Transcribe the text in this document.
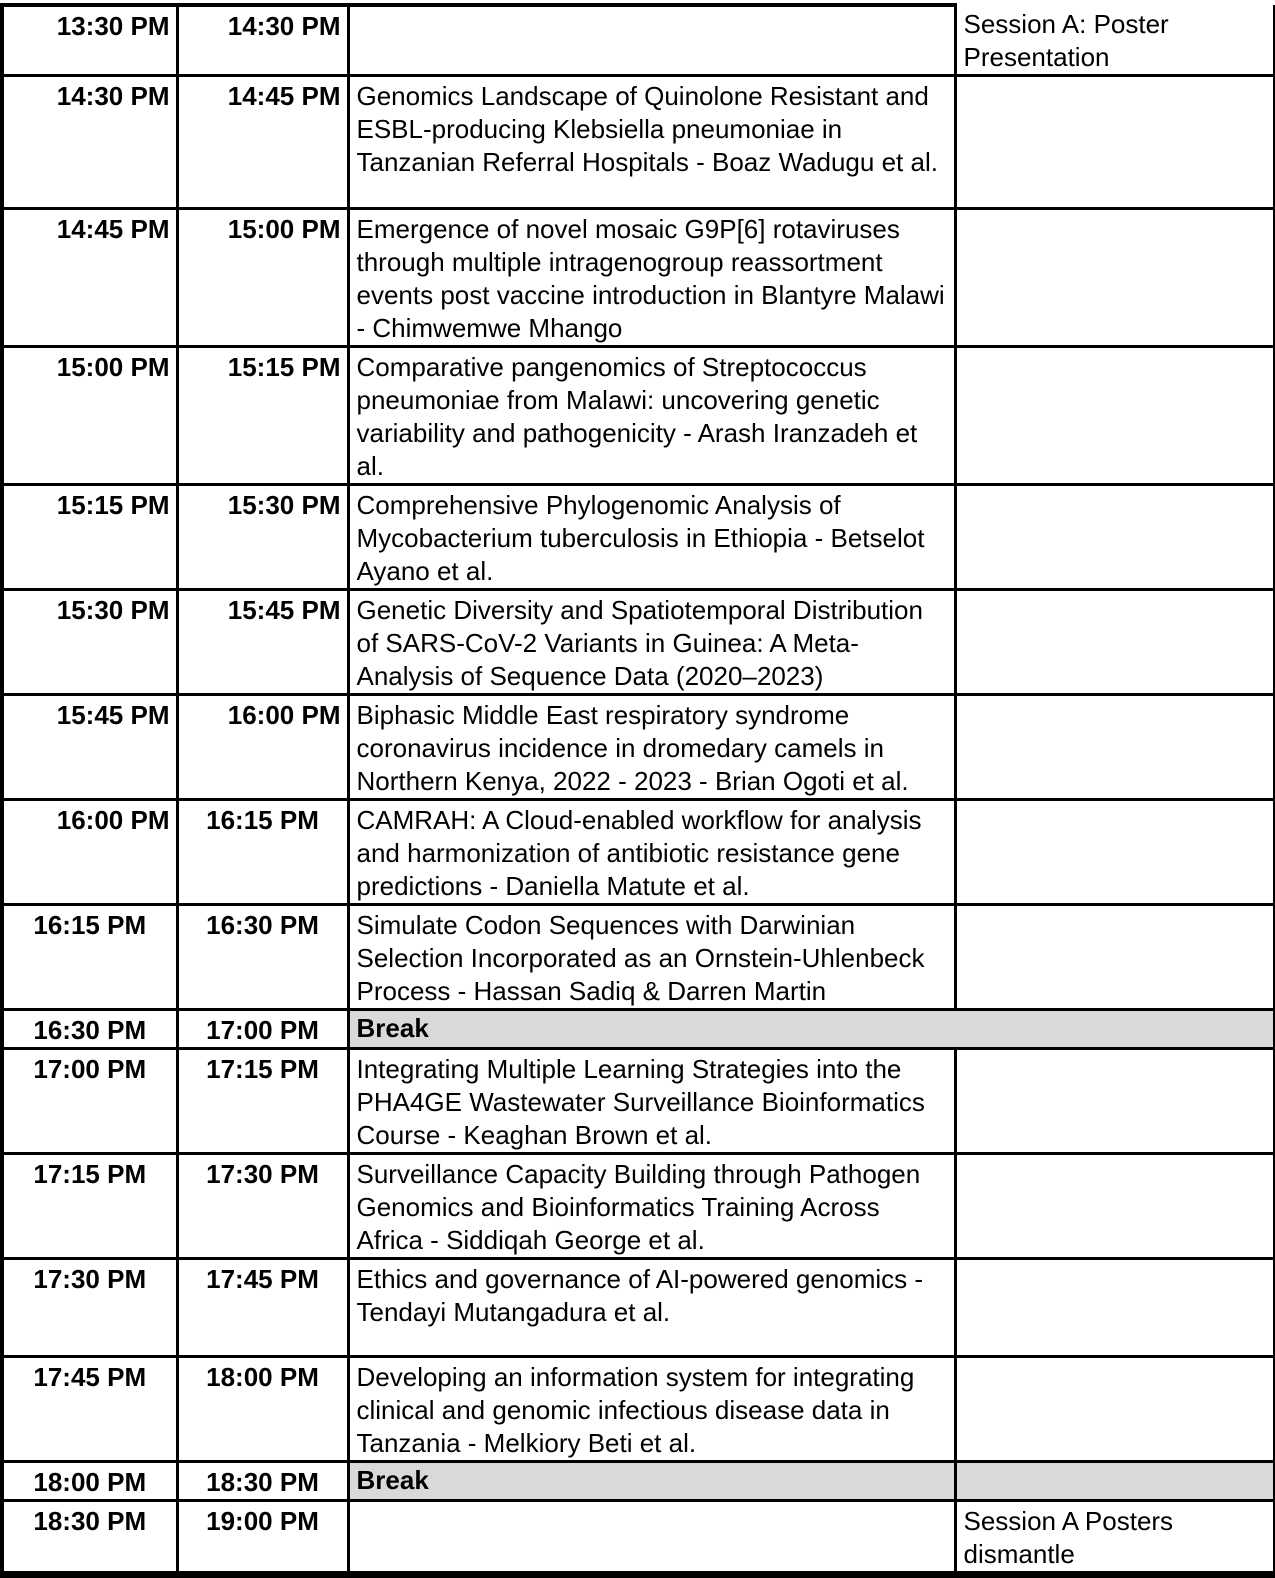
13:30 PM	14:30 PM		Session A: Poster Presentation
14:30 PM	14:45 PM	Genomics Landscape of Quinolone Resistant and ESBL-producing Klebsiella pneumoniae in Tanzanian Referral Hospitals - Boaz Wadugu et al.	
14:45 PM	15:00 PM	Emergence of novel mosaic G9P[6] rotaviruses through multiple intragenogroup reassortment events post vaccine introduction in Blantyre Malawi - Chimwemwe Mhango	
15:00 PM	15:15 PM	Comparative pangenomics of Streptococcus pneumoniae from Malawi: uncovering genetic variability and pathogenicity - Arash Iranzadeh et al.	
15:15 PM	15:30 PM	Comprehensive Phylogenomic Analysis of Mycobacterium tuberculosis in Ethiopia - Betselot Ayano et al.	
15:30 PM	15:45 PM	Genetic Diversity and Spatiotemporal Distribution of SARS-CoV-2 Variants in Guinea: A Meta-Analysis of Sequence Data (2020–2023)	
15:45 PM	16:00 PM	Biphasic Middle East respiratory syndrome coronavirus incidence in dromedary camels in Northern Kenya, 2022 - 2023 - Brian Ogoti et al.	
16:00 PM	16:15 PM	CAMRAH: A Cloud-enabled workflow for analysis and harmonization of antibiotic resistance gene predictions - Daniella Matute et al.	
16:15 PM	16:30 PM	Simulate Codon Sequences with Darwinian Selection Incorporated as an Ornstein-Uhlenbeck Process - Hassan Sadiq & Darren Martin	
16:30 PM	17:00 PM	Break	
17:00 PM	17:15 PM	Integrating Multiple Learning Strategies into the PHA4GE Wastewater Surveillance Bioinformatics Course - Keaghan Brown et al.	
17:15 PM	17:30 PM	Surveillance Capacity Building through Pathogen Genomics and Bioinformatics Training Across Africa - Siddiqah George et al.	
17:30 PM	17:45 PM	Ethics and governance of AI-powered genomics - Tendayi Mutangadura et al.	
17:45 PM	18:00 PM	Developing an information system for integrating clinical and genomic infectious disease data in Tanzania - Melkiory Beti et al.	
18:00 PM	18:30 PM	Break	
18:30 PM	19:00 PM		Session A Posters dismantle
